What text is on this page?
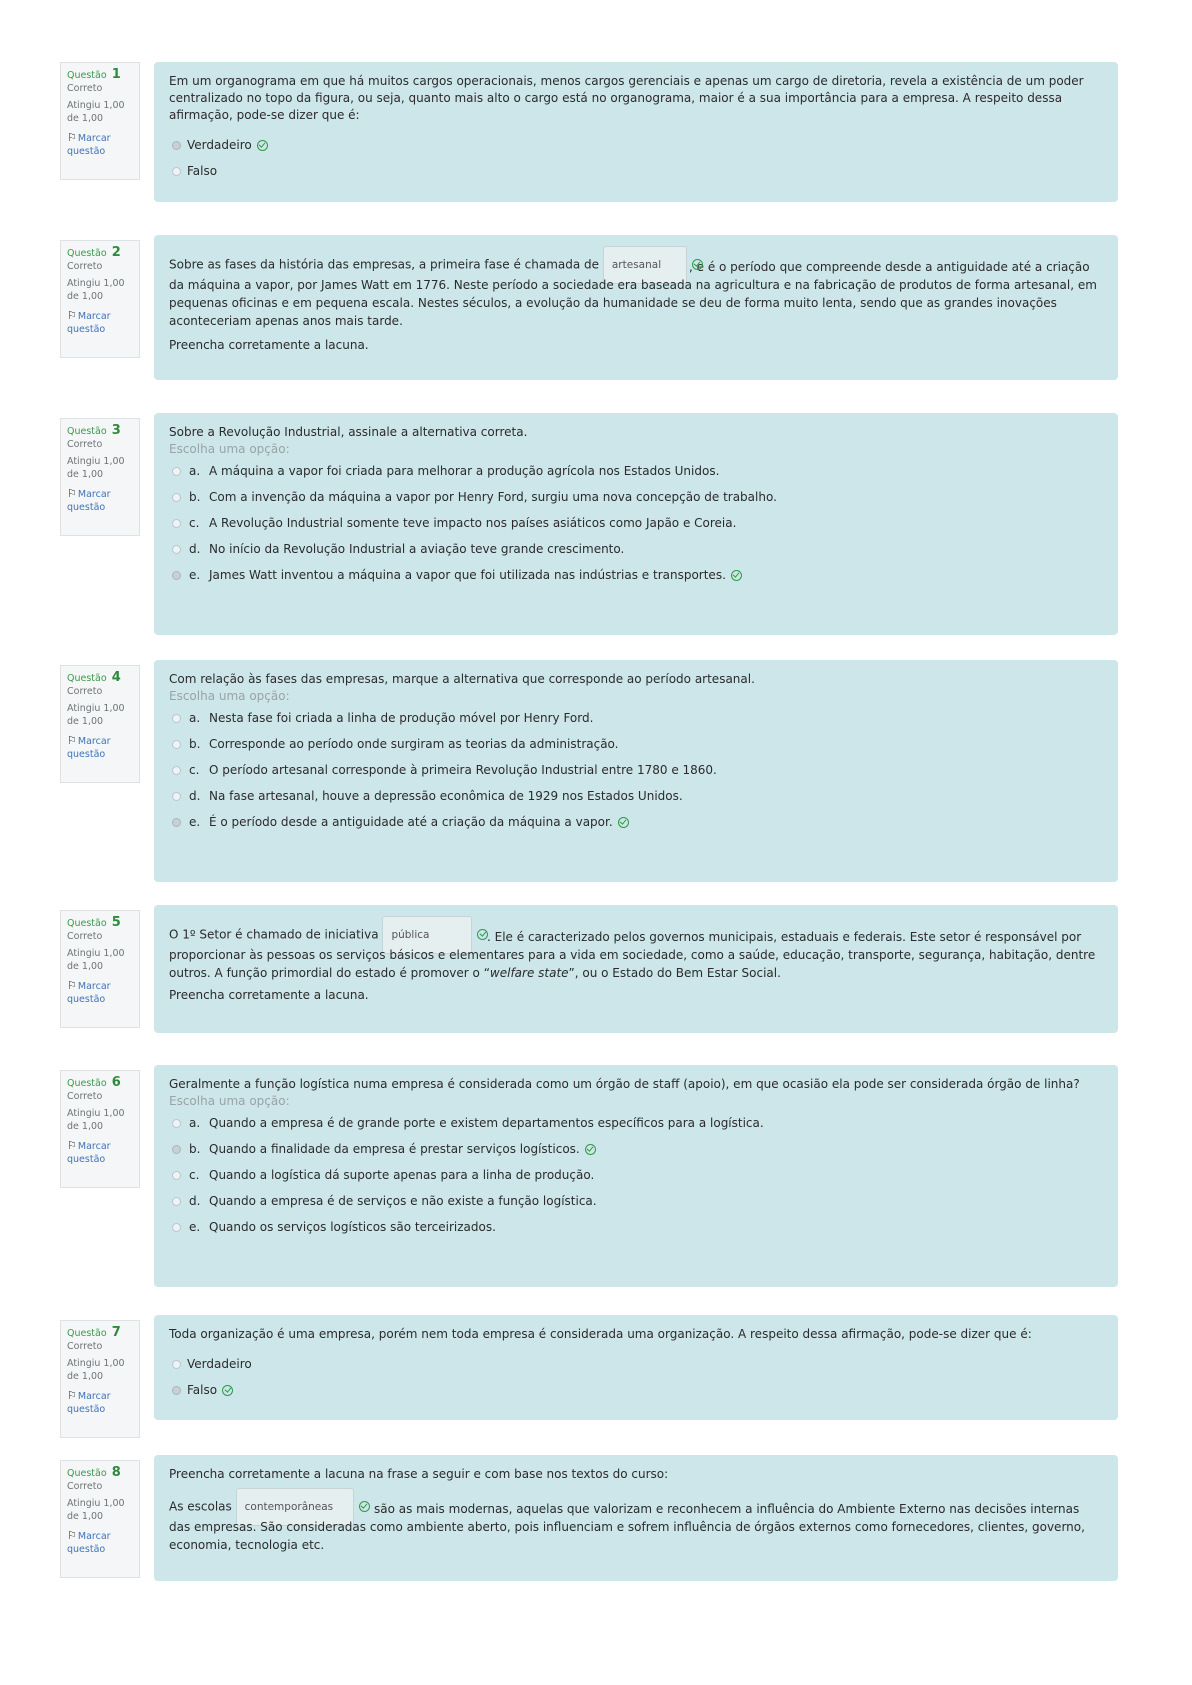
Questão 1
Correto
Atingiu 1,00 de 1,00
⚐Marcar questão

Em um organograma em que há muitos cargos operacionais, menos cargos gerenciais e apenas um cargo de diretoria, revela a existência de um poder centralizado no topo da figura, ou seja, quanto mais alto o cargo está no organograma, maior é a sua importância para a empresa. A respeito dessa afirmação, pode-se dizer que é:

Verdadeiro
Falso
Questão 2
Correto
Atingiu 1,00 de 1,00
⚐Marcar questão

Sobre as fases da história das empresas, a primeira fase é chamada de artesanal	, e é o período que compreende desde a antiguidade até a criação da máquina a vapor, por James Watt em 1776. Neste período a sociedade era baseada na agricultura e na fabricação de produtos de forma artesanal, em pequenas oficinas e em pequena escala. Nestes séculos, a evolução da humanidade se deu de forma muito lenta, sendo que as grandes inovações aconteceriam apenas anos mais tarde.

Preencha corretamente a lacuna.

Questão 3
Correto
Atingiu 1,00 de 1,00
⚐Marcar questão

Sobre a Revolução Industrial, assinale a alternativa correta.

Escolha uma opção:

a. A máquina a vapor foi criada para melhorar a produção agrícola nos Estados Unidos.
b. Com a invenção da máquina a vapor por Henry Ford, surgiu uma nova concepção de trabalho.
c. A Revolução Industrial somente teve impacto nos países asiáticos como Japão e Coreia.
d. No início da Revolução Industrial a aviação teve grande crescimento.
e. James Watt inventou a máquina a vapor que foi utilizada nas indústrias e transportes.
Questão 4
Correto
Atingiu 1,00 de 1,00
⚐Marcar questão

Com relação às fases das empresas, marque a alternativa que corresponde ao período artesanal.

Escolha uma opção:

a. Nesta fase foi criada a linha de produção móvel por Henry Ford.
b. Corresponde ao período onde surgiram as teorias da administração.
c. O período artesanal corresponde à primeira Revolução Industrial entre 1780 e 1860.
d. Na fase artesanal, houve a depressão econômica de 1929 nos Estados Unidos.
e. É o período desde a antiguidade até a criação da máquina a vapor.
Questão 5
Correto
Atingiu 1,00 de 1,00
⚐Marcar questão

O 1º Setor é chamado de iniciativa pública	. Ele é caracterizado pelos governos municipais, estaduais e federais. Este setor é responsável por proporcionar às pessoas os serviços básicos e elementares para a vida em sociedade, como a saúde, educação, transporte, segurança, habitação, dentre outros. A função primordial do estado é promover o “welfare state”, ou o Estado do Bem Estar Social.

Preencha corretamente a lacuna.

Questão 6
Correto
Atingiu 1,00 de 1,00
⚐Marcar questão

Geralmente a função logística numa empresa é considerada como um órgão de staff (apoio), em que ocasião ela pode ser considerada órgão de linha?

Escolha uma opção:

a. Quando a empresa é de grande porte e existem departamentos específicos para a logística.
b. Quando a finalidade da empresa é prestar serviços logísticos.
c. Quando a logística dá suporte apenas para a linha de produção.
d. Quando a empresa é de serviços e não existe a função logística.
e. Quando os serviços logísticos são terceirizados.
Questão 7
Correto
Atingiu 1,00 de 1,00
⚐Marcar questão

Toda organização é uma empresa, porém nem toda empresa é considerada uma organização. A respeito dessa afirmação, pode-se dizer que é:

Verdadeiro
Falso
Questão 8
Correto
Atingiu 1,00 de 1,00
⚐Marcar questão

Preencha corretamente a lacuna na frase a seguir e com base nos textos do curso:

As escolas contemporâneas	são as mais modernas, aquelas que valorizam e reconhecem a influência do Ambiente Externo nas decisões internas das empresas. São consideradas como ambiente aberto, pois influenciam e sofrem influência de órgãos externos como fornecedores, clientes, governo, economia, tecnologia etc.
